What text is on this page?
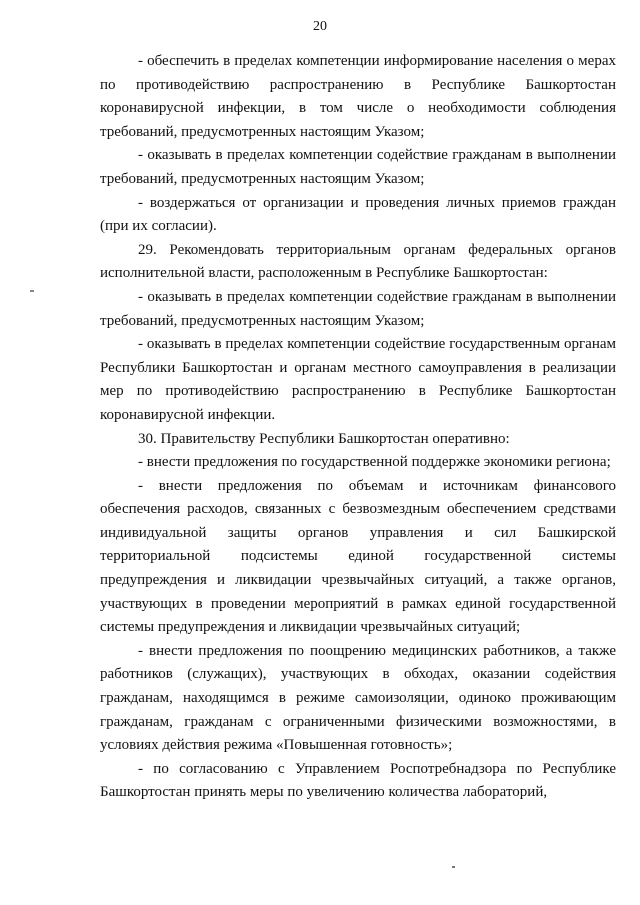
20

- обеспечить в пределах компетенции информирование населения о мерах по противодействию распространению в Республике Башкортостан коронавирусной инфекции, в том числе о необходимости соблюдения требований, предусмотренных настоящим Указом;

- оказывать в пределах компетенции содействие гражданам в выполнении требований, предусмотренных настоящим Указом;

- воздержаться от организации и проведения личных приемов граждан (при их согласии).

29. Рекомендовать территориальным органам федеральных органов исполнительной власти, расположенным в Республике Башкортостан:

- оказывать в пределах компетенции содействие гражданам в выполнении требований, предусмотренных настоящим Указом;

- оказывать в пределах компетенции содействие государственным органам Республики Башкортостан и органам местного самоуправления в реализации мер по противодействию распространению в Республике Башкортостан коронавирусной инфекции.

30. Правительству Республики Башкортостан оперативно:

- внести предложения по государственной поддержке экономики региона;

- внести предложения по объемам и источникам финансового обеспечения расходов, связанных с безвозмездным обеспечением средствами индивидуальной защиты органов управления и сил Башкирской территориальной подсистемы единой государственной системы предупреждения и ликвидации чрезвычайных ситуаций, а также органов, участвующих в проведении мероприятий в рамках единой государственной системы предупреждения и ликвидации чрезвычайных ситуаций;

- внести предложения по поощрению медицинских работников, а также работников (служащих), участвующих в обходах, оказании содействия гражданам, находящимся в режиме самоизоляции, одиноко проживающим гражданам, гражданам с ограниченными физическими возможностями, в условиях действия режима «Повышенная готовность»;

- по согласованию с Управлением Роспотребнадзора по Республике Башкортостан принять меры по увеличению количества лабораторий,
